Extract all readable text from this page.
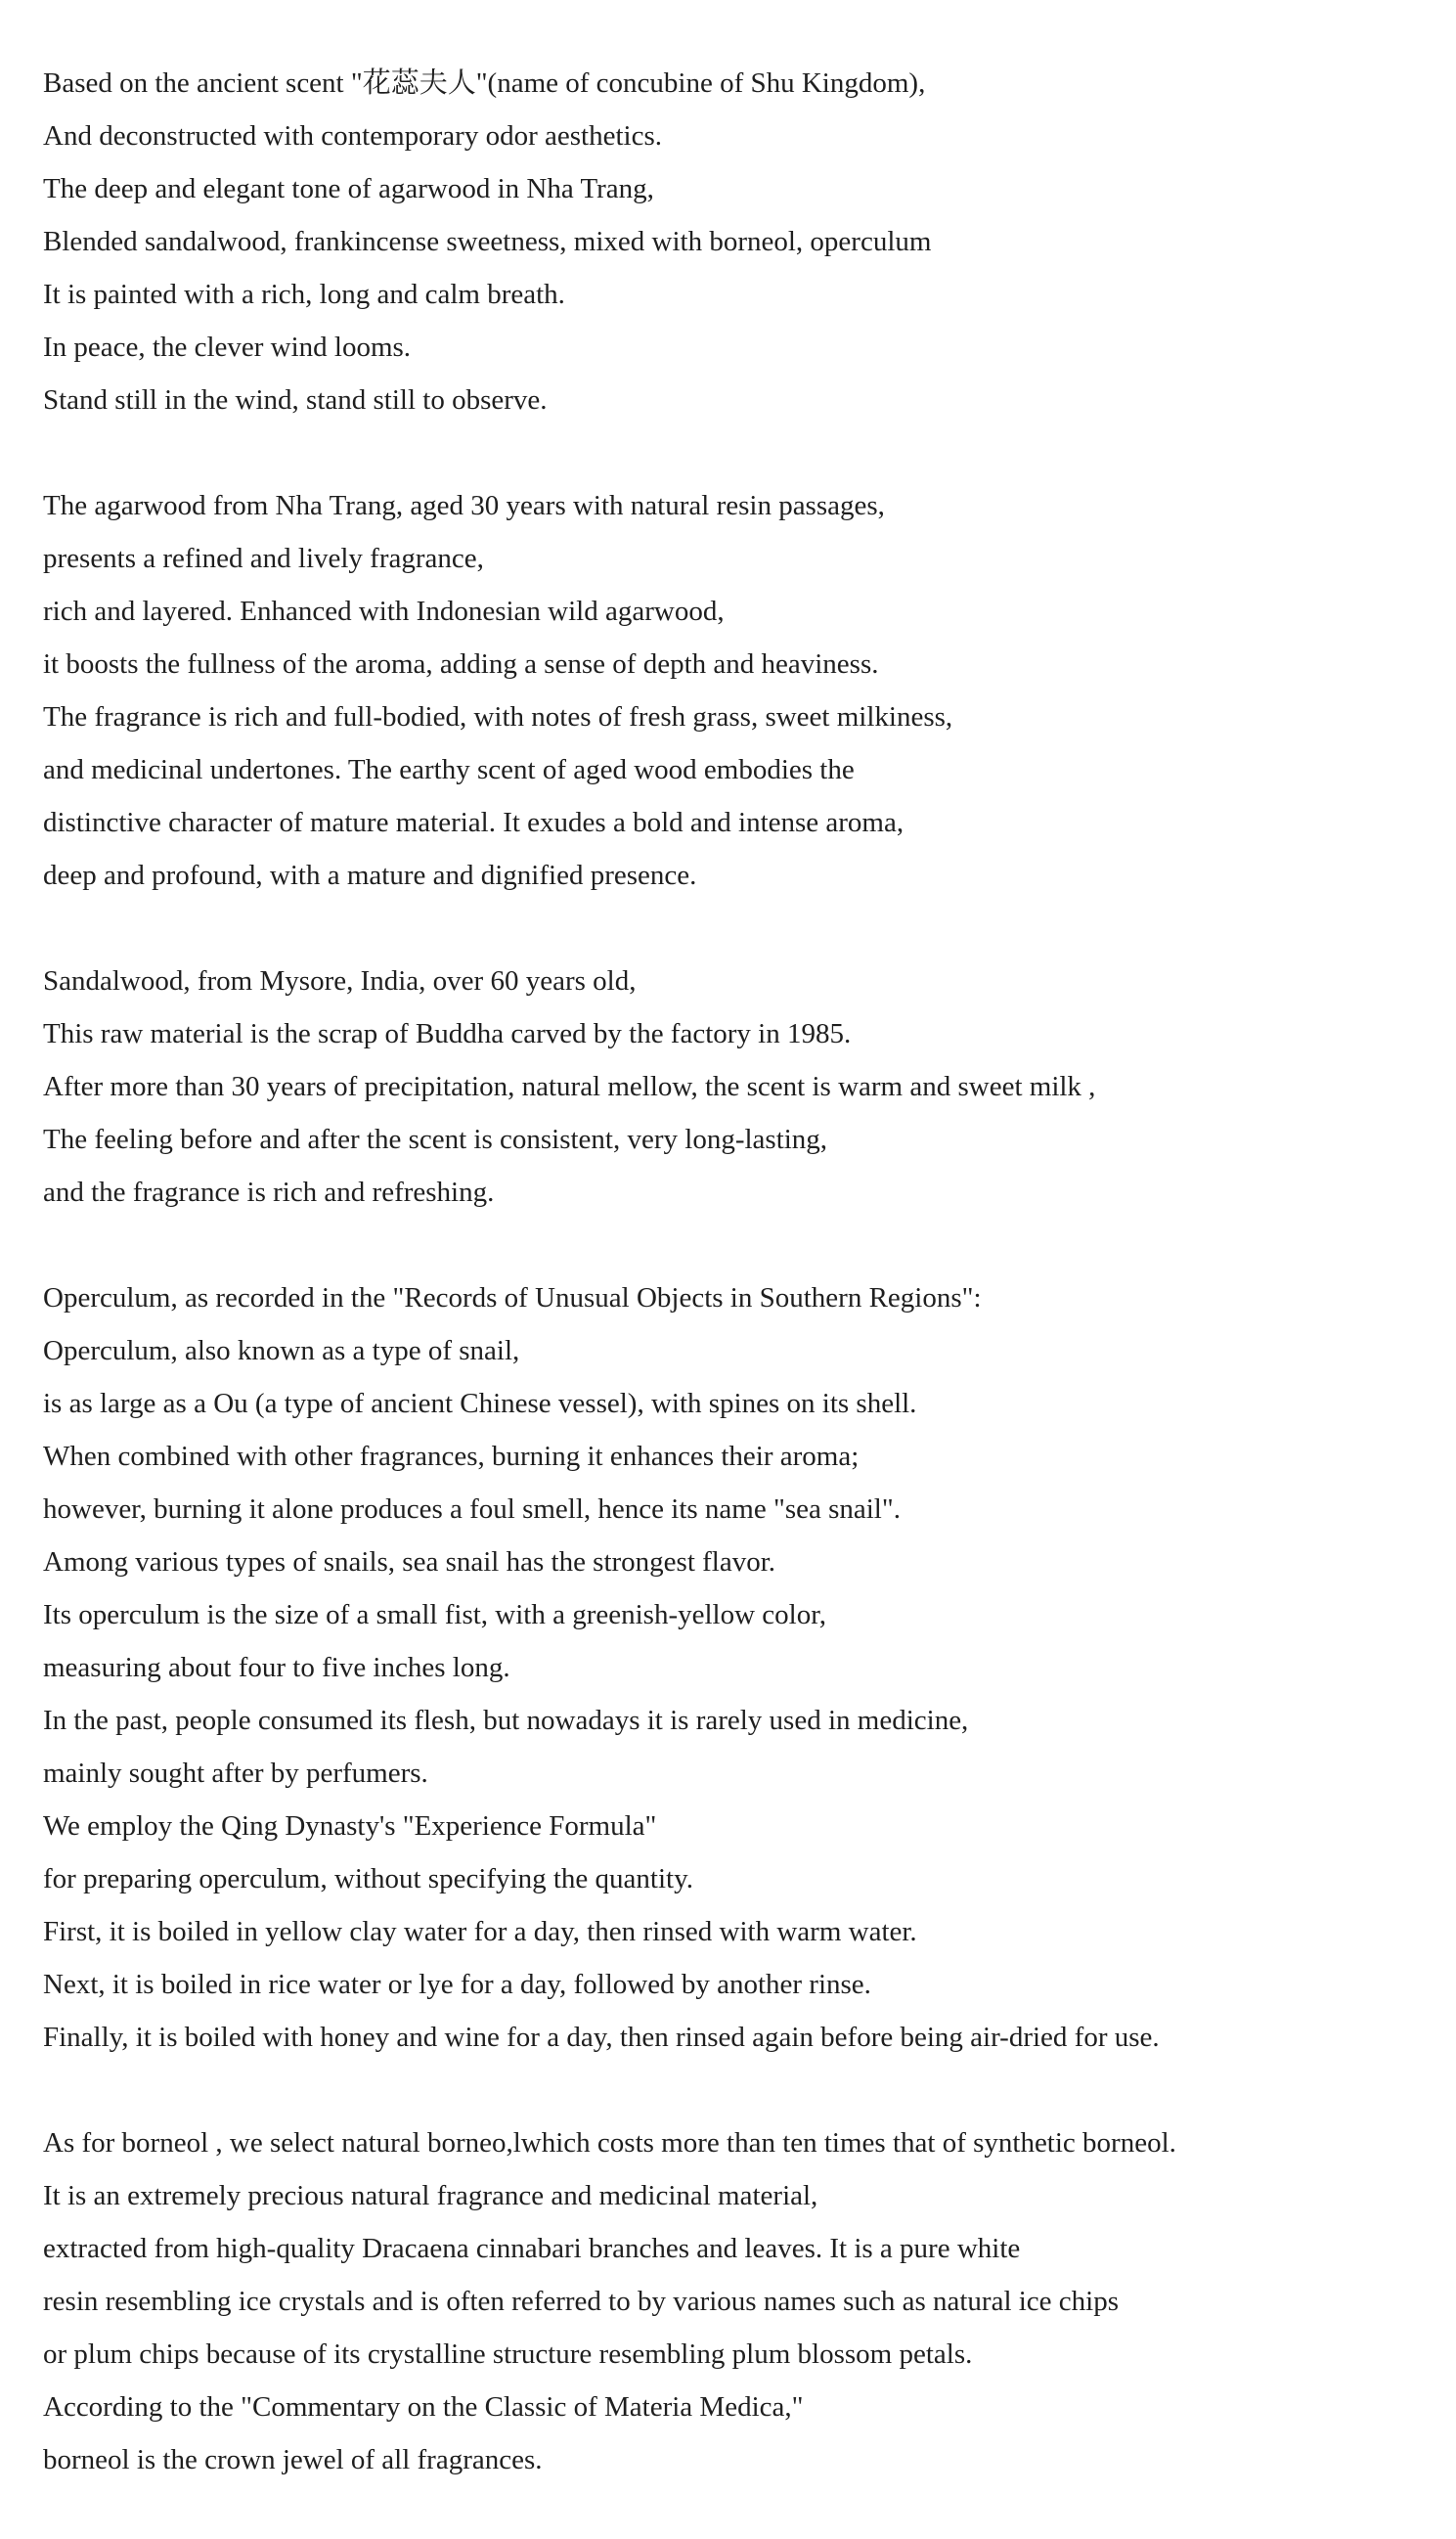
Based on the ancient scent "花蕊夫人"(name of concubine of Shu Kingdom),
And deconstructed with contemporary odor aesthetics.
The deep and elegant tone of agarwood in Nha Trang,
Blended sandalwood, frankincense sweetness, mixed with borneol, operculum
It is painted with a rich, long and calm breath.
In peace, the clever wind looms.
Stand still in the wind, stand still to observe.
The agarwood from Nha Trang, aged 30 years with natural resin passages,
presents a refined and lively fragrance,
rich and layered. Enhanced with Indonesian wild agarwood,
it boosts the fullness of the aroma, adding a sense of depth and heaviness.
The fragrance is rich and full-bodied, with notes of fresh grass, sweet milkiness,
and medicinal undertones. The earthy scent of aged wood embodies the
distinctive character of mature material. It exudes a bold and intense aroma,
deep and profound, with a mature and dignified presence.
Sandalwood, from Mysore, India, over 60 years old,
This raw material is the scrap of Buddha carved by the factory in 1985.
After more than 30 years of precipitation, natural mellow, the scent is warm and sweet milk ,
The feeling before and after the scent is consistent, very long-lasting,
and the fragrance is rich and refreshing.
Operculum, as recorded in the "Records of Unusual Objects in Southern Regions":
Operculum, also known as a type of snail,
is as large as a Ou (a type of ancient Chinese vessel), with spines on its shell.
When combined with other fragrances, burning it enhances their aroma;
however, burning it alone produces a foul smell, hence its name "sea snail".
Among various types of snails, sea snail has the strongest flavor.
Its operculum is the size of a small fist, with a greenish-yellow color,
measuring about four to five inches long.
In the past, people consumed its flesh, but nowadays it is rarely used in medicine,
mainly sought after by perfumers.
We employ the Qing Dynasty's "Experience Formula"
for preparing operculum, without specifying the quantity.
First, it is boiled in yellow clay water for a day, then rinsed with warm water.
Next, it is boiled in rice water or lye for a day, followed by another rinse.
Finally, it is boiled with honey and wine for a day, then rinsed again before being air-dried for use.
As for borneol , we select natural borneo,lwhich costs more than ten times that of synthetic borneol.
It is an extremely precious natural fragrance and medicinal material,
extracted from high-quality Dracaena cinnabari branches and leaves. It is a pure white
resin resembling ice crystals and is often referred to by various names such as natural ice chips
or plum chips because of its crystalline structure resembling plum blossom petals.
According to the "Commentary on the Classic of Materia Medica,"
borneol is the crown jewel of all fragrances.
